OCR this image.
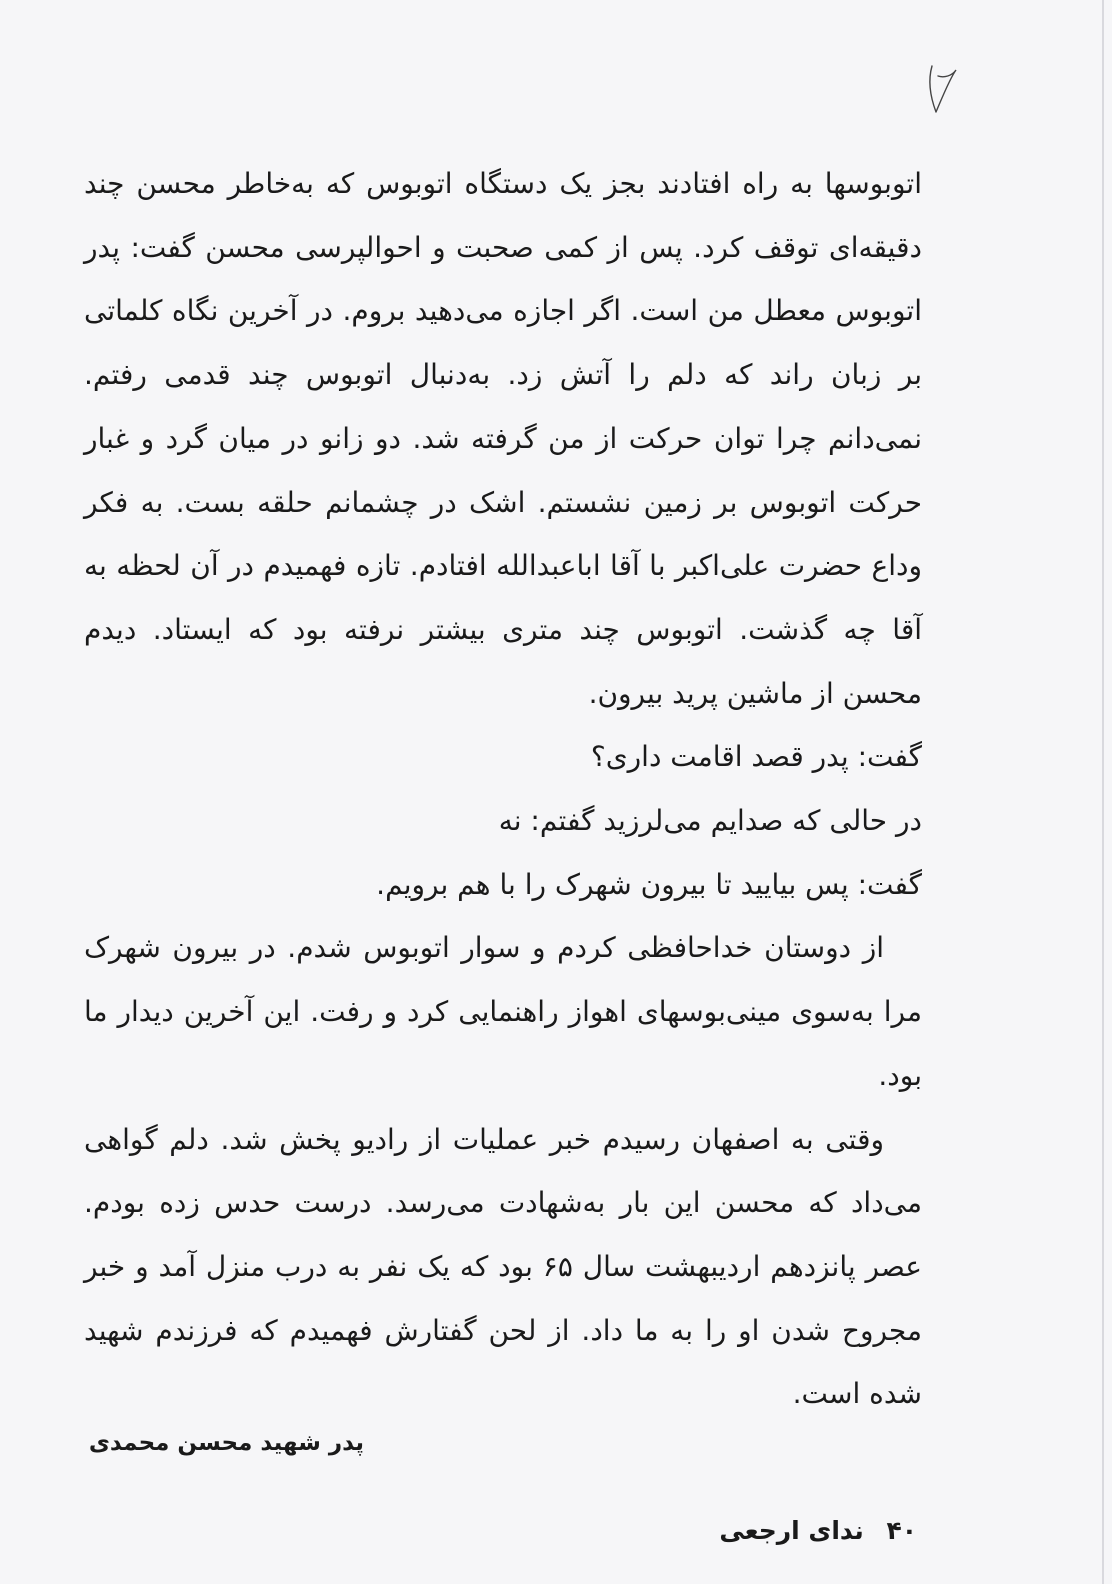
اتوبوسها به راه افتادند بجز یک دستگاه اتوبوس که به‌خاطر محسن چند دقیقه‌ای توقف کرد. پس از کمی صحبت و احوالپرسی محسن گفت: پدر اتوبوس معطل من است. اگر اجازه می‌دهید بروم. در آخرین نگاه کلماتی بر زبان راند که دلم را آتش زد. به‌دنبال اتوبوس چند قدمی رفتم. نمی‌دانم چرا توان حرکت از من گرفته شد. دو زانو در میان گرد و غبار حرکت اتوبوس بر زمین نشستم. اشک در چشمانم حلقه بست. به فکر وداع حضرت علی‌اکبر با آقا اباعبدالله افتادم. تازه فهمیدم در آن لحظه به آقا چه گذشت. اتوبوس چند متری بیشتر نرفته بود که ایستاد. دیدم محسن از ماشین پرید بیرون.

گفت: پدر قصد اقامت داری؟

در حالی که صدایم می‌لرزید گفتم: نه

گفت: پس بیایید تا بیرون شهرک را با هم برویم.

از دوستان خداحافظی کردم و سوار اتوبوس شدم. در بیرون شهرک مرا به‌سوی مینی‌بوسهای اهواز راهنمایی کرد و رفت. این آخرین دیدار ما بود.

وقتی به اصفهان رسیدم خبر عملیات از رادیو پخش شد. دلم گواهی می‌داد که محسن این بار به‌شهادت می‌رسد. درست حدس زده بودم. عصر پانزدهم اردیبهشت سال ۶۵ بود که یک نفر به درب منزل آمد و خبر مجروح شدن او را به ما داد. از لحن گفتارش فهمیدم که فرزندم شهید شده است.

پدر شهید محسن محمدی
۴۰ ندای ارجعی
